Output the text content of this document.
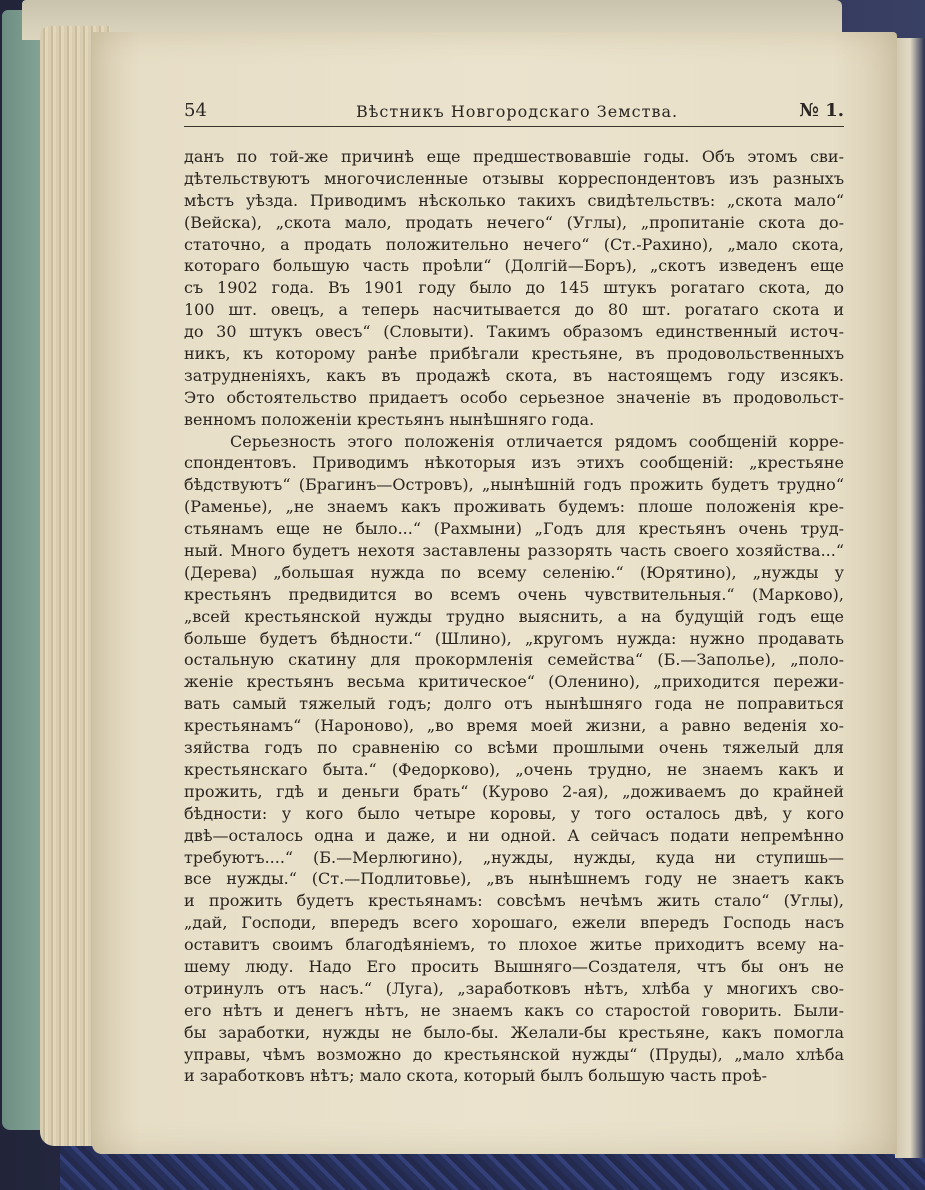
54	Вѣстникъ Новгородскаго Земства.	№ 1.
данъ по той-же причинѣ еще предшествовавшіе годы. Объ этомъ сви-
дѣтельствуютъ многочисленные отзывы корреспондентовъ изъ разныхъ
мѣстъ уѣзда. Приводимъ нѣсколько такихъ свидѣтельствъ: „скота мало“
(Вейска), „скота мало, продать нечего“ (Углы), „пропитаніе скота до-
статочно, а продать положительно нечего“ (Ст.-Рахино), „мало скота,
котораго большую часть проѣли“ (Долгій—Боръ), „скотъ изведенъ еще
съ 1902 года. Въ 1901 году было до 145 штукъ рогатаго скота, до
100 шт. овецъ, а теперь насчитывается до 80 шт. рогатаго скота и
до 30 штукъ овесъ“ (Словыти). Такимъ образомъ единственный источ-
никъ, къ которому ранѣе прибѣгали крестьяне, въ продовольственныхъ
затрудненіяхъ, какъ въ продажѣ скота, въ настоящемъ году изсякъ.
Это обстоятельство придаетъ особо серьезное значеніе въ продовольст-
венномъ положеніи крестьянъ нынѣшняго года.
Серьезность этого положенія отличается рядомъ сообщеній корре-
спондентовъ. Приводимъ нѣкоторыя изъ этихъ сообщеній: „крестьяне
бѣдствуютъ“ (Брагинъ—Островъ), „нынѣшній годъ прожить будетъ трудно“
(Раменье), „не знаемъ какъ проживать будемъ: плоше положенія кре-
стьянамъ еще не было...“ (Рахмыни) „Годъ для крестьянъ очень труд-
ный. Много будетъ нехотя заставлены раззорять часть своего хозяйства...“
(Дерева) „большая нужда по всему селенію.“ (Юрятино), „нужды у
крестьянъ предвидится во всемъ очень чувствительныя.“ (Марково),
„всей крестьянской нужды трудно выяснить, а на будущій годъ еще
больше будетъ бѣдности.“ (Шлино), „кругомъ нужда: нужно продавать
остальную скатину для прокормленія семейства“ (Б.—Заполье), „поло-
женіе крестьянъ весьма критическое“ (Оленино), „приходится пережи-
вать самый тяжелый годъ; долго отъ нынѣшняго года не поправиться
крестьянамъ“ (Нароново), „во время моей жизни, а равно веденія хо-
зяйства годъ по сравненію со всѣми прошлыми очень тяжелый для
крестьянскаго быта.“ (Федорково), „очень трудно, не знаемъ какъ и
прожить, гдѣ и деньги брать“ (Курово 2-ая), „доживаемъ до крайней
бѣдности: у кого было четыре коровы, у того осталось двѣ, у кого
двѣ—осталось одна и даже, и ни одной. А сейчасъ подати непремѣнно
требуютъ....“ (Б.—Мерлюгино), „нужды, нужды, куда ни ступишь—
все нужды.“ (Ст.—Подлитовье), „въ нынѣшнемъ году не знаетъ какъ
и прожить будетъ крестьянамъ: совсѣмъ нечѣмъ жить стало“ (Углы),
„дай, Господи, впередъ всего хорошаго, ежели впередъ Господь насъ
оставитъ своимъ благодѣяніемъ, то плохое житье приходитъ всему на-
шему люду. Надо Его просить Вышняго—Создателя, чтъ бы онъ не
отринулъ отъ насъ.“ (Луга), „заработковъ нѣтъ, хлѣба у многихъ сво-
его нѣтъ и денегъ нѣтъ, не знаемъ какъ со старостой говорить. Были-
бы заработки, нужды не было-бы. Желали-бы крестьяне, какъ помогла
управы, чѣмъ возможно до крестьянской нужды“ (Пруды), „мало хлѣба
и заработковъ нѣтъ; мало скота, который былъ большую часть проѣ-
